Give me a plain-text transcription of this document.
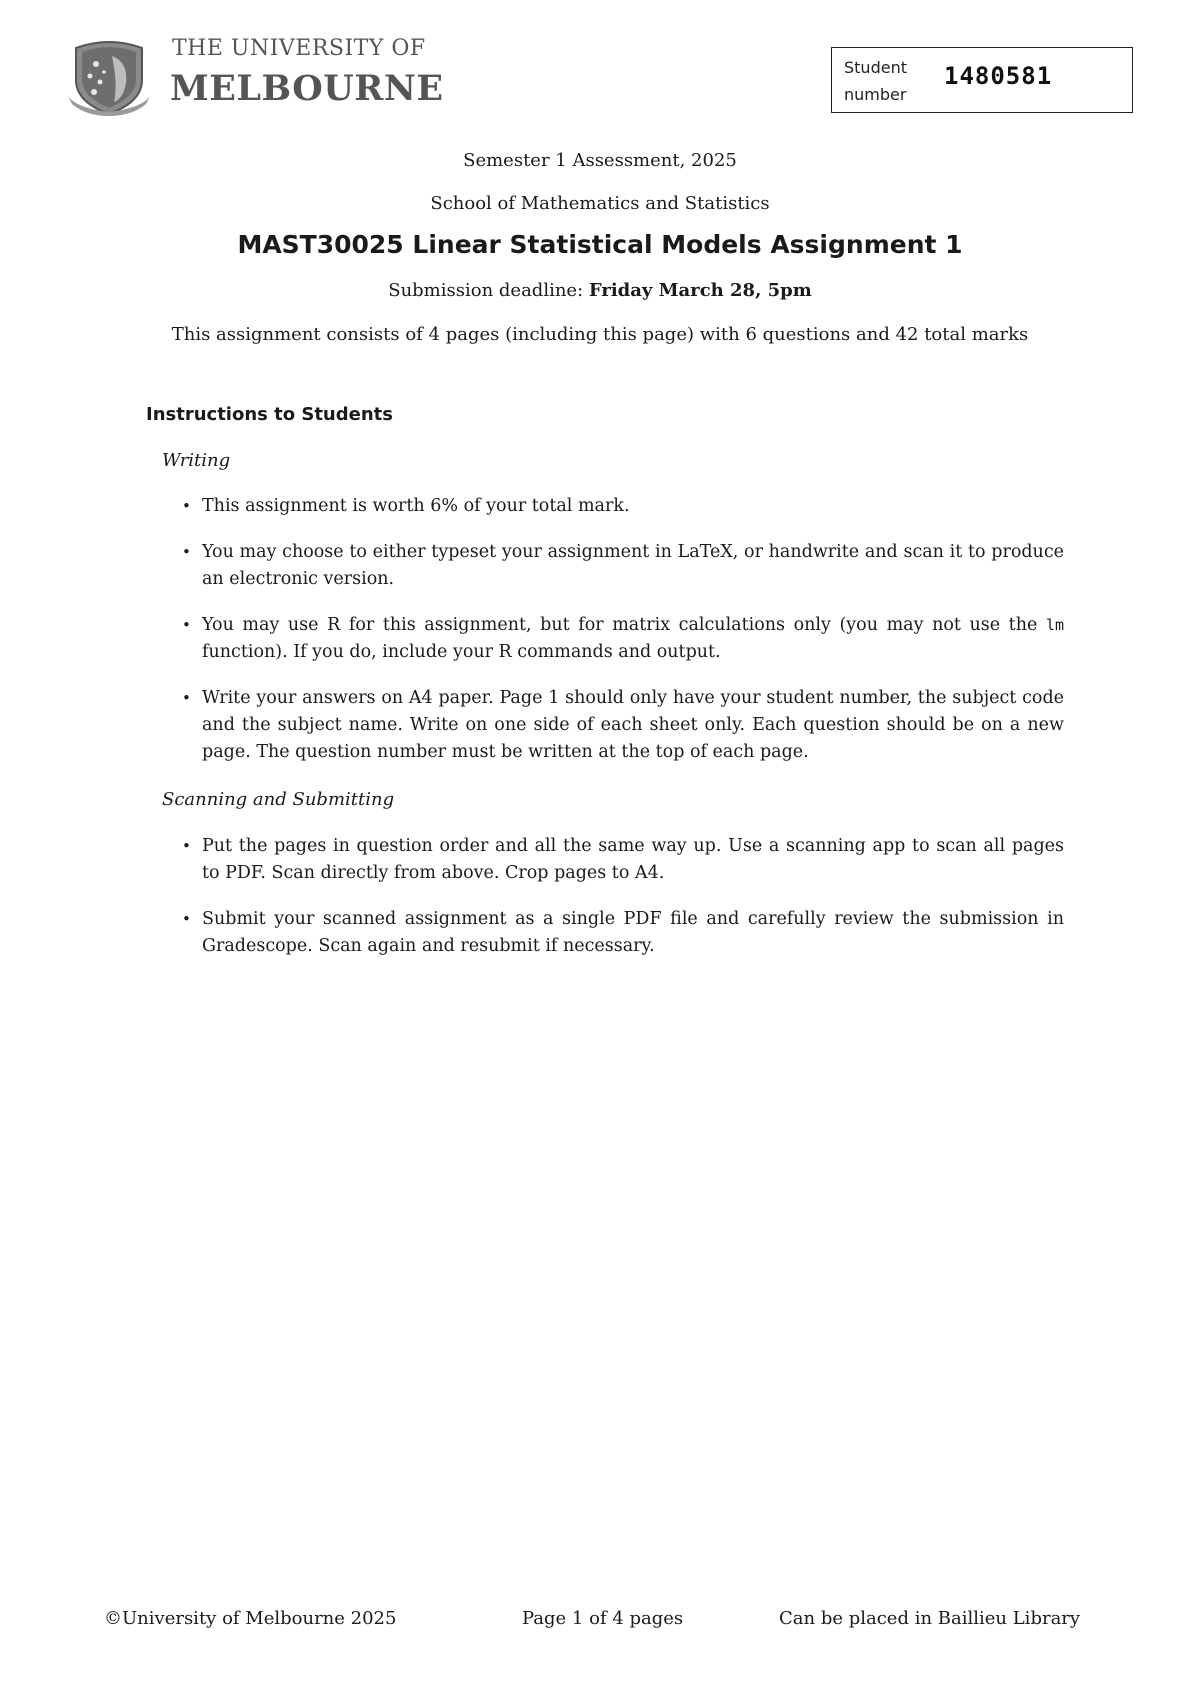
THE UNIVERSITY OF
MELBOURNE
Student number
1480581
Semester 1 Assessment, 2025
School of Mathematics and Statistics
MAST30025 Linear Statistical Models Assignment 1
Submission deadline: Friday March 28, 5pm
This assignment consists of 4 pages (including this page) with 6 questions and 42 total marks
Instructions to Students
Writing
• This assignment is worth 6% of your total mark.
• You may choose to either typeset your assignment in LaTeX, or handwrite and scan it to produce an electronic version.
• You may use R for this assignment, but for matrix calculations only (you may not use the lm function). If you do, include your R commands and output.
• Write your answers on A4 paper. Page 1 should only have your student number, the subject code and the subject name. Write on one side of each sheet only. Each question should be on a new page. The question number must be written at the top of each page.
Scanning and Submitting
• Put the pages in question order and all the same way up. Use a scanning app to scan all pages to PDF. Scan directly from above. Crop pages to A4.
• Submit your scanned assignment as a single PDF file and carefully review the submission in Gradescope. Scan again and resubmit if necessary.
©University of Melbourne 2025	Page 1 of 4 pages	Can be placed in Baillieu Library
